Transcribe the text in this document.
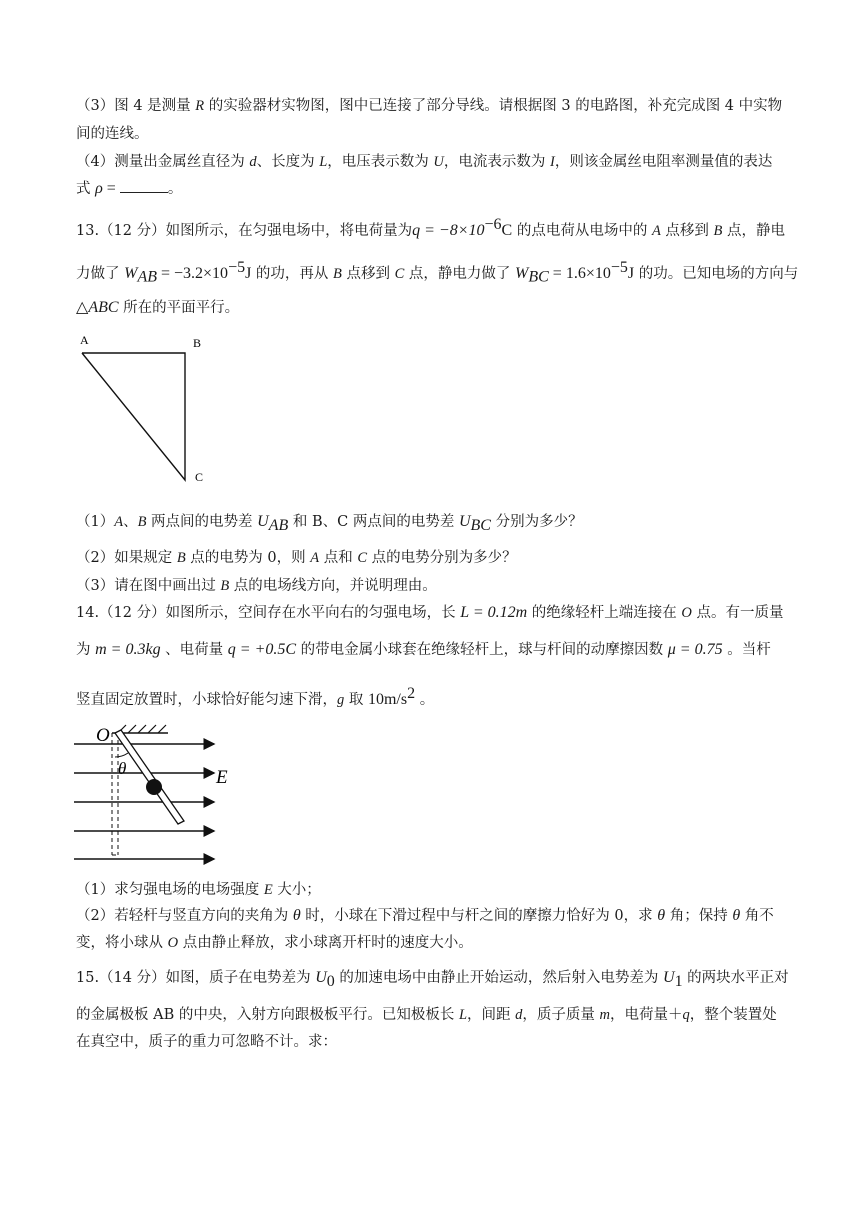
（3）图 4 是测量 R 的实验器材实物图，图中已连接了部分导线。请根据图 3 的电路图，补充完成图 4 中实物
间的连线。
（4）测量出金属丝直径为 d、长度为 L，电压表示数为 U，电流表示数为 I，则该金属丝电阻率测量值的表达
式 ρ =	。
13.（12 分）如图所示，在匀强电场中，将电荷量为$q = -8\times 10^{-6}C$ 的点电荷从电场中的 A 点移到 B 点，静电
力做了 $W_{AB} = -3.2\times 10^{-5}J$ 的功，再从 B 点移到 C 点，静电力做了 $W_{BC} = 1.6\times 10^{-5}J$ 的功。已知电场的方向与
△ABC 所在的平面平行。
A	B
C
（1）A、B 两点间的电势差 $U_{AB}$ 和 B、C 两点间的电势差 $U_{BC}$ 分别为多少？
（2）如果规定 B 点的电势为 0，则 A 点和 C 点的电势分别为多少？
（3）请在图中画出过 B 点的电场线方向，并说明理由。
14.（12 分）如图所示，空间存在水平向右的匀强电场，长 L = 0.12m 的绝缘轻杆上端连接在 O 点。有一质量
为 m = 0.3kg 、电荷量 q = +0.5C 的带电金属小球套在绝缘轻杆上，球与杆间的动摩擦因数 μ = 0.75 。当杆
竖直固定放置时，小球恰好能匀速下滑，g 取 $10m/s^2$ 。
O
θ	E
（1）求匀强电场的电场强度 E 大小；
（2）若轻杆与竖直方向的夹角为 θ 时，小球在下滑过程中与杆之间的摩擦力恰好为 0，求 θ 角；保持 θ 角不
变，将小球从 O 点由静止释放，求小球离开杆时的速度大小。
15.（14 分）如图，质子在电势差为 $U_0$ 的加速电场中由静止开始运动，然后射入电势差为 $U_1$ 的两块水平正对
的金属极板 AB 的中央，入射方向跟极板平行。已知极板长 L，间距 d，质子质量 m，电荷量＋q，整个装置处
在真空中，质子的重力可忽略不计。求：
